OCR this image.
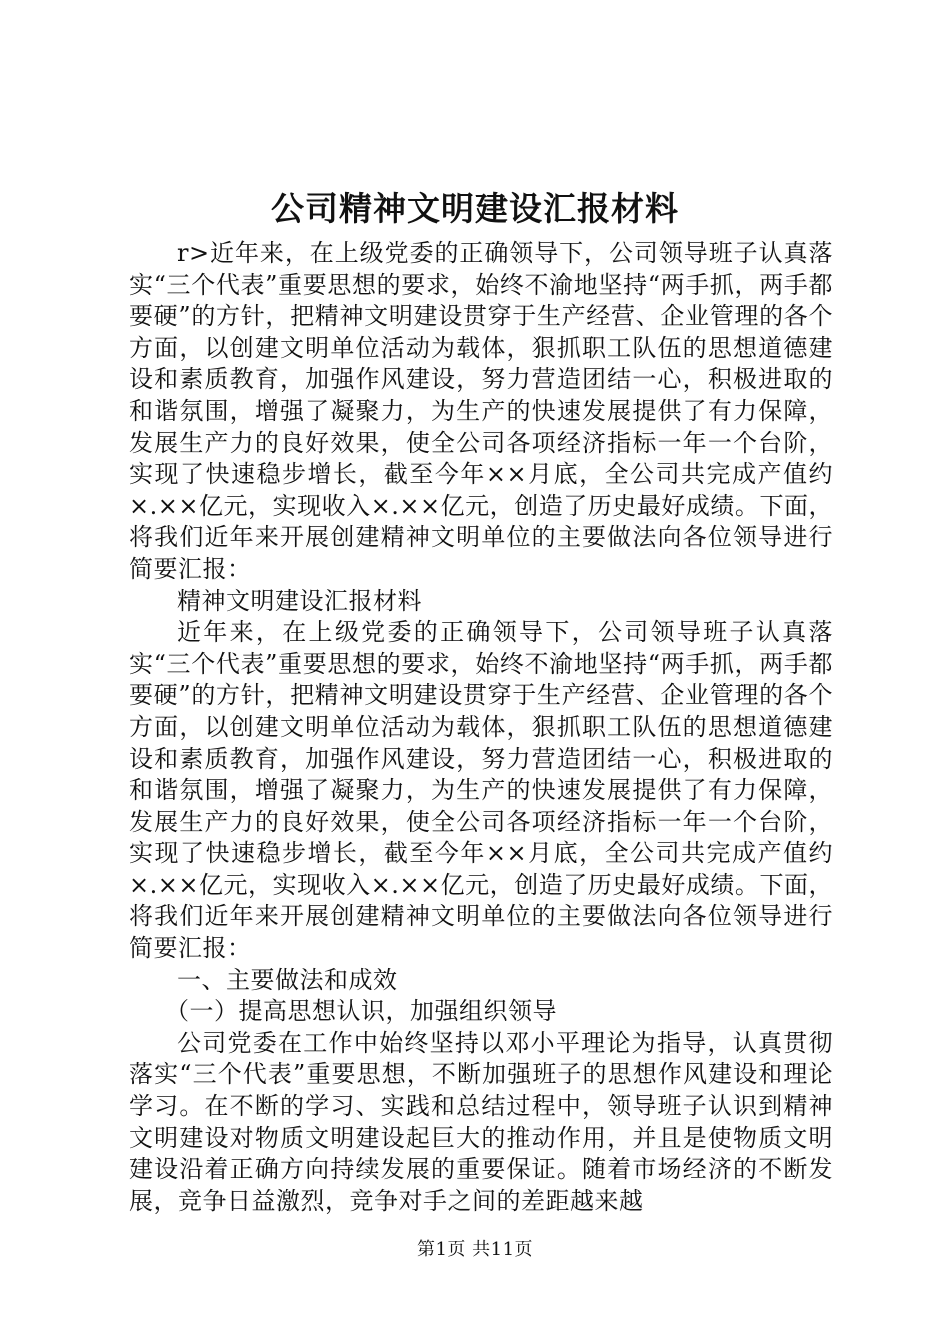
公司精神文明建设汇报材料

r>近年来，在上级党委的正确领导下，公司领导班子认真落实“三个代表”重要思想的要求，始终不渝地坚持“两手抓，两手都要硬”的方针，把精神文明建设贯穿于生产经营、企业管理的各个方面，以创建文明单位活动为载体，狠抓职工队伍的思想道德建设和素质教育，加强作风建设，努力营造团结一心，积极进取的和谐氛围，增强了凝聚力，为生产的快速发展提供了有力保障，发展生产力的良好效果，使全公司各项经济指标一年一个台阶，实现了快速稳步增长，截至今年××月底，全公司共完成产值约×.××亿元，实现收入×.××亿元，创造了历史最好成绩。下面，将我们近年来开展创建精神文明单位的主要做法向各位领导进行简要汇报：

精神文明建设汇报材料

近年来，在上级党委的正确领导下，公司领导班子认真落实“三个代表”重要思想的要求，始终不渝地坚持“两手抓，两手都要硬”的方针，把精神文明建设贯穿于生产经营、企业管理的各个方面，以创建文明单位活动为载体，狠抓职工队伍的思想道德建设和素质教育，加强作风建设，努力营造团结一心，积极进取的和谐氛围，增强了凝聚力，为生产的快速发展提供了有力保障，发展生产力的良好效果，使全公司各项经济指标一年一个台阶，实现了快速稳步增长，截至今年××月底，全公司共完成产值约×.××亿元，实现收入×.××亿元，创造了历史最好成绩。下面，将我们近年来开展创建精神文明单位的主要做法向各位领导进行简要汇报：

一、主要做法和成效

（一）提高思想认识，加强组织领导

公司党委在工作中始终坚持以邓小平理论为指导，认真贯彻落实“三个代表”重要思想，不断加强班子的思想作风建设和理论学习。在不断的学习、实践和总结过程中，领导班子认识到精神文明建设对物质文明建设起巨大的推动作用，并且是使物质文明建设沿着正确方向持续发展的重要保证。随着市场经济的不断发展，竞争日益激烈，竞争对手之间的差距越来越

第1页 共11页
